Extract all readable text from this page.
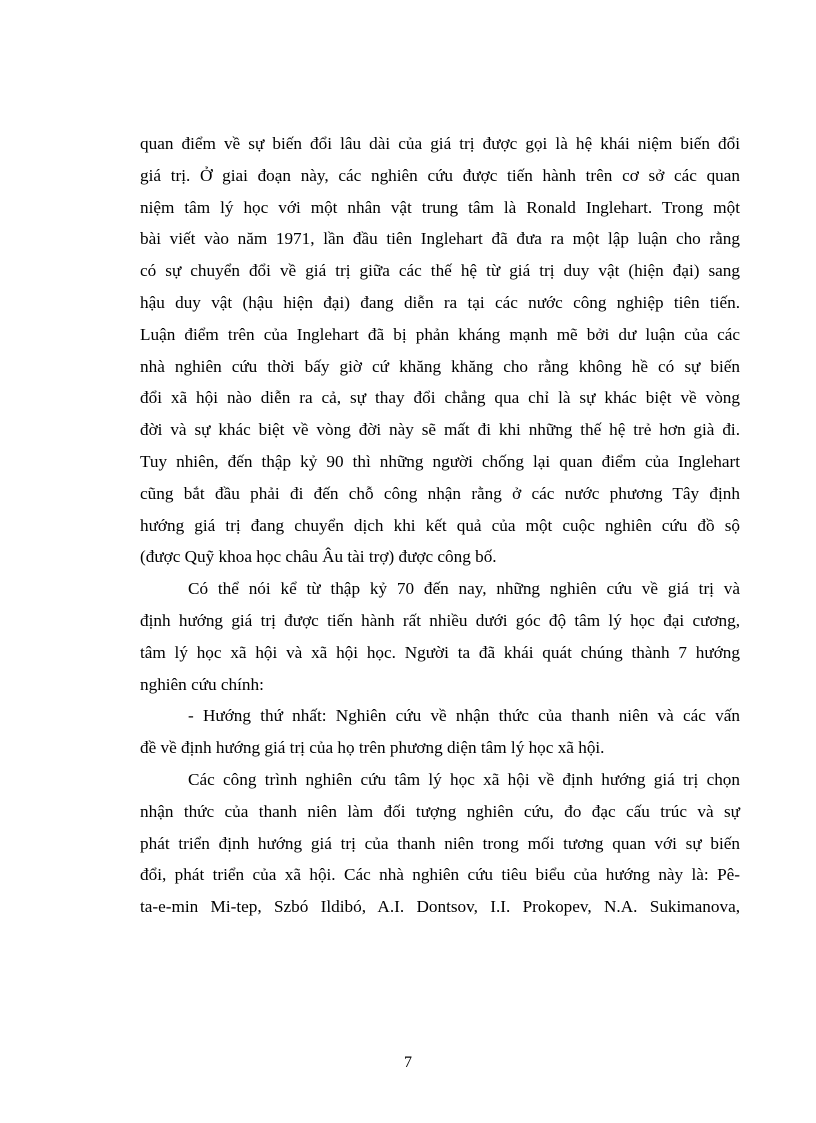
quan điểm về sự biến đổi lâu dài của giá trị được gọi là hệ khái niệm biến đổi
giá trị. Ở giai đoạn này, các nghiên cứu được tiến hành trên cơ sở các quan
niệm tâm lý học với một nhân vật trung tâm là Ronald Inglehart. Trong một
bài viết vào năm 1971, lần đầu tiên Inglehart đã đưa ra một lập luận cho rằng
có sự chuyển đổi về giá trị giữa các thế hệ từ giá trị duy vật (hiện đại) sang
hậu duy vật (hậu hiện đại) đang diễn ra tại các nước công nghiệp tiên tiến.
Luận điểm trên của Inglehart đã bị phản kháng mạnh mẽ bởi dư luận của các
nhà nghiên cứu thời bấy giờ cứ khăng khăng cho rằng không hề có sự biến
đổi xã hội nào diễn ra cả, sự thay đổi chẳng qua chỉ là sự khác biệt về vòng
đời và sự khác biệt về vòng đời này sẽ mất đi khi những thế hệ trẻ hơn già đi.
Tuy nhiên, đến thập kỷ 90 thì những người chống lại quan điểm của Inglehart
cũng bắt đầu phải đi đến chỗ công nhận rằng ở các nước phương Tây định
hướng giá trị đang chuyển dịch khi kết quả của một cuộc nghiên cứu đồ sộ
(được Quỹ khoa học châu Âu tài trợ) được công bố.
Có thể nói kể từ thập kỷ 70 đến nay, những nghiên cứu về giá trị và
định hướng giá trị được tiến hành rất nhiều dưới góc độ tâm lý học đại cương,
tâm lý học xã hội và xã hội học. Người ta đã khái quát chúng thành 7 hướng
nghiên cứu chính:
- Hướng thứ nhất: Nghiên cứu về nhận thức của thanh niên và các vấn
đề về định hướng giá trị của họ trên phương diện tâm lý học xã hội.
Các công trình nghiên cứu tâm lý học xã hội về định hướng giá trị chọn
nhận thức của thanh niên làm đối tượng nghiên cứu, đo đạc cấu trúc và sự
phát triển định hướng giá trị của thanh niên trong mối tương quan với sự biến
đổi, phát triển của xã hội. Các nhà nghiên cứu tiêu biểu của hướng này là: Pê-
ta-e-min Mi-tep, Szbó Ildibó, A.I. Dontsov, I.I. Prokopev, N.A. Sukimanova,
7
